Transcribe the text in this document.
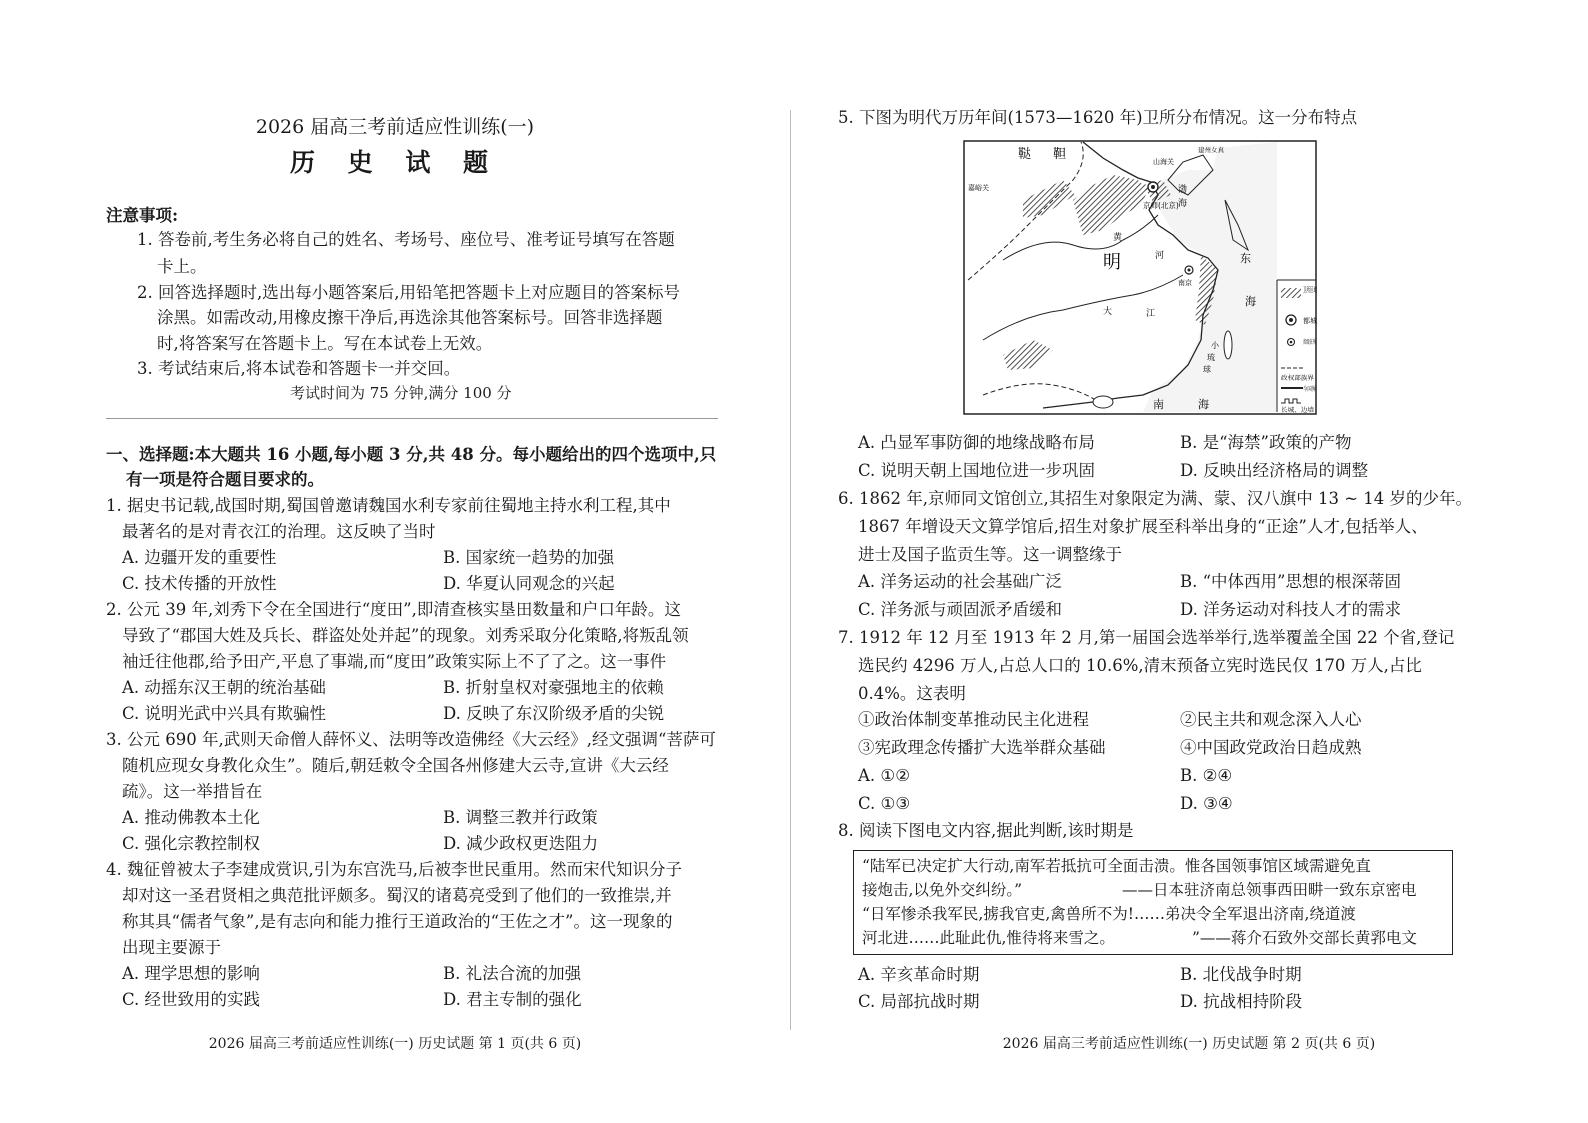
2026 届高三考前适应性训练(一)
历 史 试 题
注意事项:
1. 答卷前,考生务必将自己的姓名、考场号、座位号、准考证号填写在答题
卡上。
2. 回答选择题时,选出每小题答案后,用铅笔把答题卡上对应题目的答案标号
涂黑。如需改动,用橡皮擦干净后,再选涂其他答案标号。回答非选择题
时,将答案写在答题卡上。写在本试卷上无效。
3. 考试结束后,将本试卷和答题卡一并交回。
考试时间为 75 分钟,满分 100 分
一、选择题:本大题共 16 小题,每小题 3 分,共 48 分。每小题给出的四个选项中,只
有一项是符合题目要求的。
1. 据史书记载,战国时期,蜀国曾邀请魏国水利专家前往蜀地主持水利工程,其中
最著名的是对青衣江的治理。这反映了当时
A. 边疆开发的重要性	B. 国家统一趋势的加强
C. 技术传播的开放性	D. 华夏认同观念的兴起
2. 公元 39 年,刘秀下令在全国进行“度田”,即清查核实垦田数量和户口年龄。这
导致了“郡国大姓及兵长、群盗处处并起”的现象。刘秀采取分化策略,将叛乱领
袖迁往他郡,给予田产,平息了事端,而“度田”政策实际上不了了之。这一事件
A. 动摇东汉王朝的统治基础	B. 折射皇权对豪强地主的依赖
C. 说明光武中兴具有欺骗性	D. 反映了东汉阶级矛盾的尖锐
3. 公元 690 年,武则天命僧人薛怀义、法明等改造佛经《大云经》,经文强调“菩萨可
随机应现女身教化众生”。随后,朝廷敕令全国各州修建大云寺,宣讲《大云经
疏》。这一举措旨在
A. 推动佛教本土化	B. 调整三教并行政策
C. 强化宗教控制权	D. 减少政权更迭阻力
4. 魏征曾被太子李建成赏识,引为东宫洗马,后被李世民重用。然而宋代知识分子
却对这一圣君贤相之典范批评颇多。蜀汉的诸葛亮受到了他们的一致推崇,并
称其具“儒者气象”,是有志向和能力推行王道政治的“王佐之才”。这一现象的
出现主要源于
A. 理学思想的影响	B. 礼法合流的加强
C. 经世致用的实践	D. 君主专制的强化
2026 届高三考前适应性训练(一) 历史试题 第 1 页(共 6 页)
5. 下图为明代万历年间(1573—1620 年)卫所分布情况。这一分布特点
A. 凸显军事防御的地缘战略布局	B. 是“海禁”政策的产物
C. 说明天朝上国地位进一步巩固	D. 反映出经济格局的调整
6. 1862 年,京师同文馆创立,其招生对象限定为满、蒙、汉八旗中 13 ~ 14 岁的少年。
1867 年增设天文算学馆后,招生对象扩展至科举出身的“正途”人才,包括举人、
进士及国子监贡生等。这一调整缘于
A. 洋务运动的社会基础广泛	B. “中体西用”思想的根深蒂固
C. 洋务派与顽固派矛盾缓和	D. 洋务运动对科技人才的需求
7. 1912 年 12 月至 1913 年 2 月,第一届国会选举举行,选举覆盖全国 22 个省,登记
选民约 4296 万人,占总人口的 10.6%,清末预备立宪时选民仅 170 万人,占比
0.4%。这表明
①政治体制变革推动民主化进程	②民主共和观念深入人心
③宪政理念传播扩大选举群众基础	④中国政党政治日趋成熟
A. ①②	B. ②④
C. ①③	D. ③④
8. 阅读下图电文内容,据此判断,该时期是
A. 辛亥革命时期	B. 北伐战争时期
C. 局部抗战时期	D. 抗战相持阶段
2026 届高三考前适应性训练(一) 历史试题 第 2 页(共 6 页)
“陆军已决定扩大行动,南军若抵抗可全面击溃。惟各国领事馆区域需避免直
接炮击,以免外交纠纷。”	——日本驻济南总领事西田畊一致东京密电
“日军惨杀我军民,掳我官吏,禽兽所不为!……弟决令全军退出济南,绕道渡
河北进……此耻此仇,惟待将来雪之。	”——蒋介石致外交部长黄郛电文
鞑 靼	山海关
建州女真
嘉峪关
京师(北京)
渤
海
黄
河
明
南京
大	江
东
海
小
琉
球
南	海
卫所区域
都城
省级驻所
政权部族界
今国界
长城、边墙
